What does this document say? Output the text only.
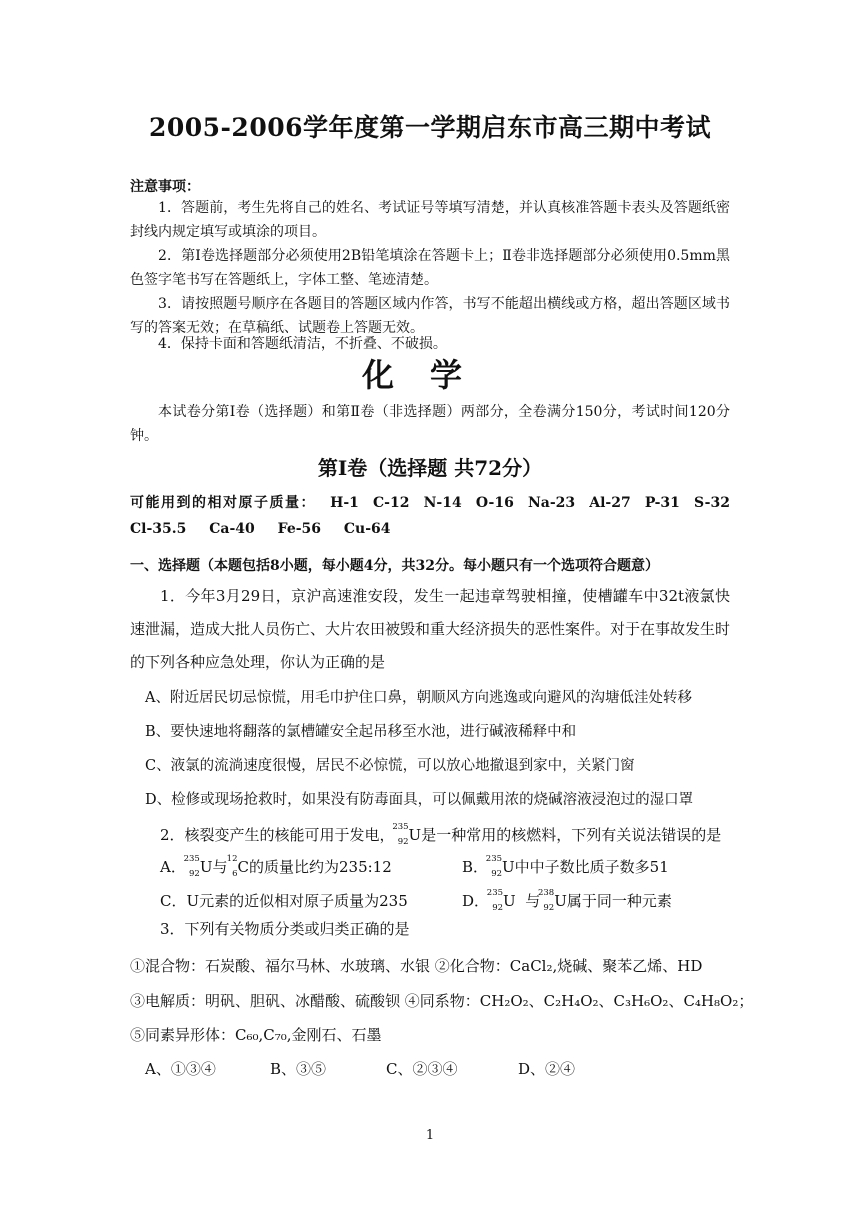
2005-2006学年度第一学期启东市高三期中考试
注意事项：
1．答题前，考生先将自己的姓名、考试证号等填写清楚，并认真核准答题卡表头及答题纸密封线内规定填写或填涂的项目。
2．第Ⅰ卷选择题部分必须使用2B铅笔填涂在答题卡上；Ⅱ卷非选择题部分必须使用0.5mm黑色签字笔书写在答题纸上，字体工整、笔迹清楚。
3．请按照题号顺序在各题目的答题区域内作答，书写不能超出横线或方格，超出答题区域书写的答案无效；在草稿纸、试题卷上答题无效。
4．保持卡面和答题纸清洁，不折叠、不破损。
化学
本试卷分第Ⅰ卷（选择题）和第Ⅱ卷（非选择题）两部分，全卷满分150分，考试时间120分钟。
第Ⅰ卷（选择题 共72分）
可能用到的相对原子质量： H-1 C-12 N-14 O-16 Na-23 Al-27 P-31 S-32
Cl-35.5 Ca-40 Fe-56 Cu-64
一、选择题（本题包括8小题，每小题4分，共32分。每小题只有一个选项符合题意）
1．今年3月29日，京沪高速淮安段，发生一起违章驾驶相撞，使槽罐车中32t液氯快速泄漏，造成大批人员伤亡、大片农田被毁和重大经济损失的恶性案件。对于在事故发生时的下列各种应急处理，你认为正确的是
A、附近居民切忌惊慌，用毛巾护住口鼻，朝顺风方向逃逸或向避风的沟塘低洼处转移
B、要快速地将翻落的氯槽罐安全起吊移至水池，进行碱液稀释中和
C、液氯的流淌速度很慢，居民不必惊慌，可以放心地撤退到家中，关紧门窗
D、检修或现场抢救时，如果没有防毒面具，可以佩戴用浓的烧碱溶液浸泡过的湿口罩
2．核裂变产生的核能可用于发电，
235
92 U是一种常用的核燃料，下列有关说法错误的是
A．
235
92 U与 12
6 C的质量比约为235:12	B．
235
92 U中中子数比质子数多51
C．U元素的近似相对原子质量为235	D．
235
92 U  与
238
92 U属于同一种元素
3．下列有关物质分类或归类正确的是
①混合物：石炭酸、福尔马林、水玻璃、水银 ②化合物：CaCl₂,烧碱、聚苯乙烯、HD
③电解质：明矾、胆矾、冰醋酸、硫酸钡 ④同系物：CH₂O₂、C₂H₄O₂、C₃H₆O₂、C₄H₈O₂；
⑤同素异形体：C₆₀,C₇₀,金刚石、石墨
A、①③④	B、③⑤	C、②③④	D、②④
1
